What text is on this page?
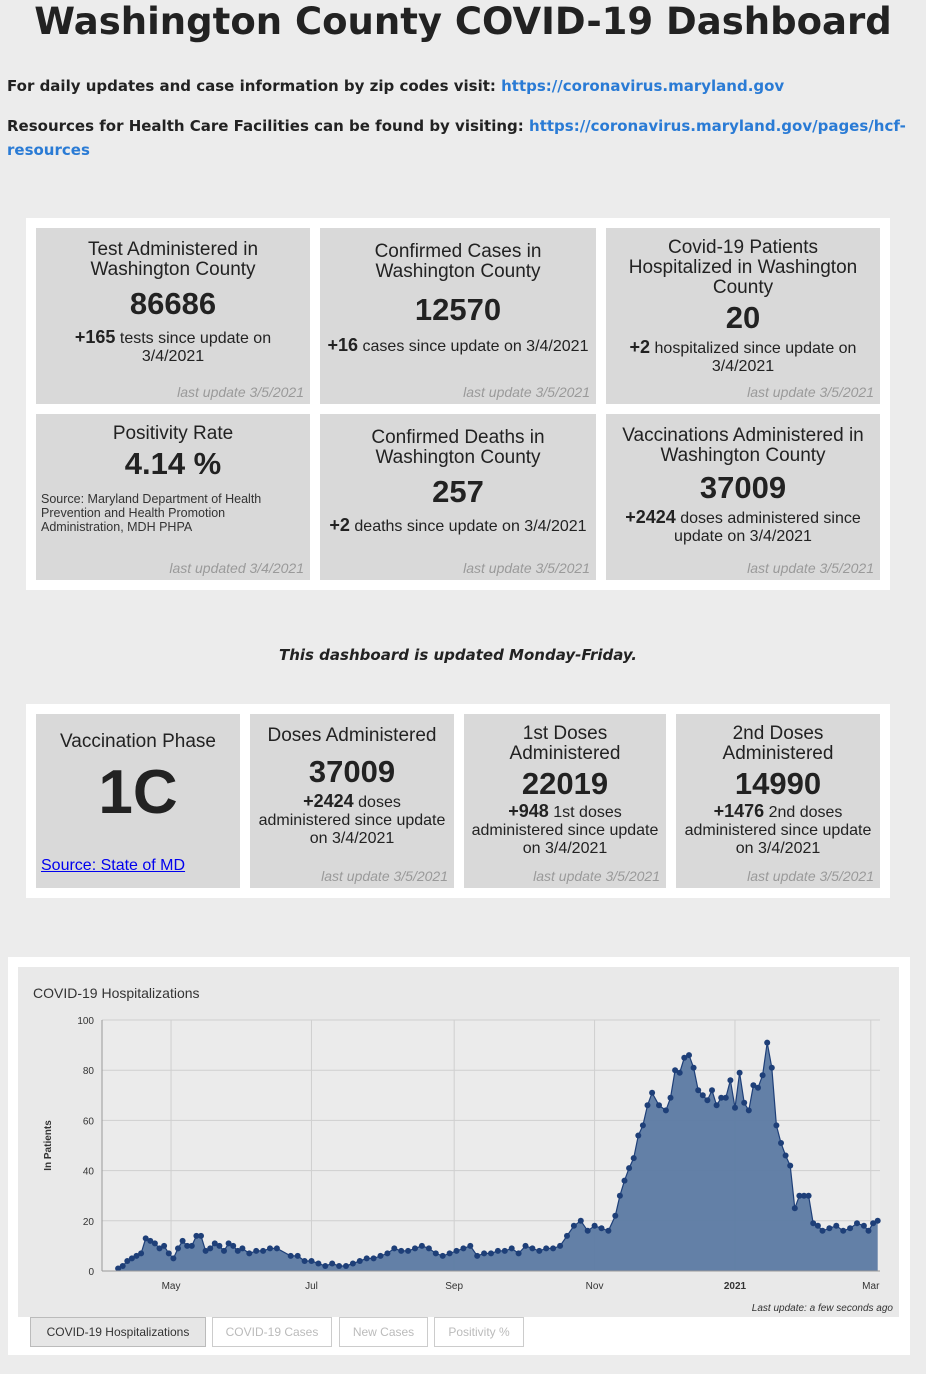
Washington County COVID-19 Dashboard
For daily updates and case information by zip codes visit: https://coronavirus.maryland.gov
Resources for Health Care Facilities can be found by visiting: https://coronavirus.maryland.gov/pages/hcf-resources
Test Administered in Washington County
86686
+165 tests since update on 3/4/2021
last update 3/5/2021
Confirmed Cases in Washington County
12570
+16 cases since update on 3/4/2021
last update 3/5/2021
Covid-19 Patients Hospitalized in Washington County
20
+2 hospitalized since update on 3/4/2021
last update 3/5/2021
Positivity Rate
4.14 %
Source: Maryland Department of Health Prevention and Health Promotion Administration, MDH PHPA
last updated 3/4/2021
Confirmed Deaths in Washington County
257
+2 deaths since update on 3/4/2021
last update 3/5/2021
Vaccinations Administered in Washington County
37009
+2424 doses administered since update on 3/4/2021
last update 3/5/2021
This dashboard is updated Monday-Friday.
Vaccination Phase
1C
Source: State of MD
Doses Administered
37009
+2424 doses administered since update on 3/4/2021
last update 3/5/2021
1st Doses Administered
22019
+948 1st doses administered since update on 3/4/2021
last update 3/5/2021
2nd Doses Administered
14990
+1476 2nd doses administered since update on 3/4/2021
last update 3/5/2021
COVID-19 Hospitalizations
0
20
40
60
80
100
May	Jul	Sep	Nov	2021	Mar
In Patients
Last update: a few seconds ago
COVID-19 Hospitalizations	COVID-19 Cases	New Cases	Positivity %
